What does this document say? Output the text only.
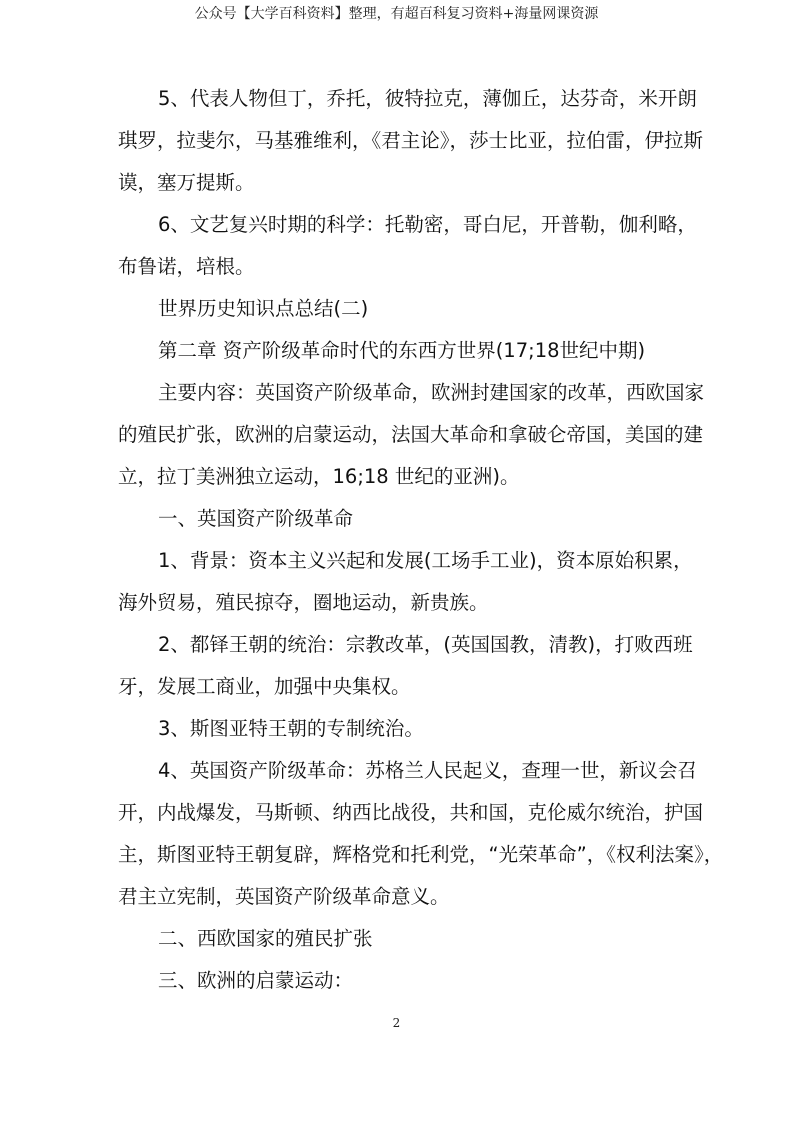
公众号【大学百科资料】整理，有超百科复习资料+海量网课资源

5、代表人物但丁，乔托，彼特拉克，薄伽丘，达芬奇，米开朗

琪罗，拉斐尔，马基雅维利，《君主论》，莎士比亚，拉伯雷，伊拉斯

谟，塞万提斯。

6、文艺复兴时期的科学：托勒密，哥白尼，开普勒，伽利略，

布鲁诺，培根。

世界历史知识点总结(二)

第二章 资产阶级革命时代的东西方世界(17;18世纪中期)

主要内容：英国资产阶级革命，欧洲封建国家的改革，西欧国家

的殖民扩张，欧洲的启蒙运动，法国大革命和拿破仑帝国，美国的建

立，拉丁美洲独立运动，16;18 世纪的亚洲)。

一、英国资产阶级革命

1、背景：资本主义兴起和发展(工场手工业)，资本原始积累，

海外贸易，殖民掠夺，圈地运动，新贵族。

2、都铎王朝的统治：宗教改革，(英国国教，清教)，打败西班

牙，发展工商业，加强中央集权。

3、斯图亚特王朝的专制统治。

4、英国资产阶级革命：苏格兰人民起义，查理一世，新议会召

开，内战爆发，马斯顿、纳西比战役，共和国，克伦威尔统治，护国

主，斯图亚特王朝复辟，辉格党和托利党，“光荣革命”，《权利法案》，

君主立宪制，英国资产阶级革命意义。

二、西欧国家的殖民扩张

三、欧洲的启蒙运动：

2
